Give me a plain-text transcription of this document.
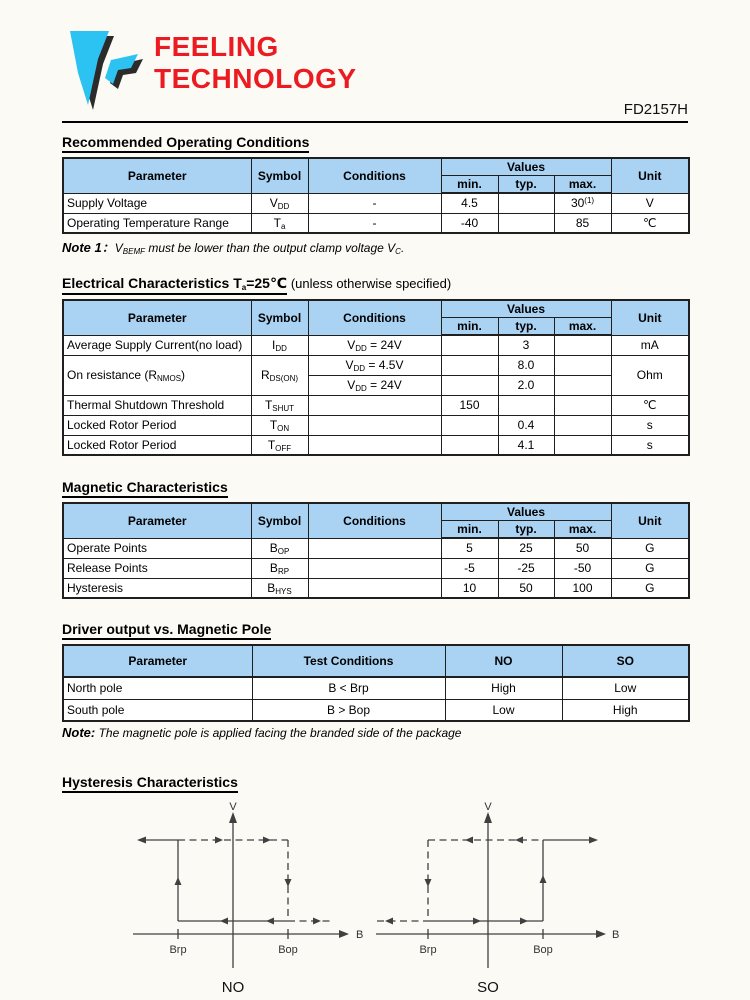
FEELING
TECHNOLOGY
FD2157H
Recommended Operating Conditions
Parameter	Symbol	Conditions	Values			Unit
			min.	typ.	max.	
Supply Voltage	$V_{DD}$	-	4.5		30$^{(1)}$	V
Operating Temperature Range	$T_a$	-	-40		85	℃

Note 1：$V_{BEMF}$ must be lower than the output clamp voltage $V_C$.

Electrical Characteristics $T_a=25℃$ (unless otherwise specified)
Parameter	Symbol	Conditions	Values			Unit
			min.	typ.	max.	
Average Supply Current(no load)	$I_{DD}$	$V_{DD} = 24V$		3		mA
On resistance $(R_{NMOS})$	$R_{DS(ON)}$	$V_{DD} = 4.5V$		8.0		Ohm
		$V_{DD} = 24V$		2.0		
Thermal Shutdown Threshold	$T_{SHUT}$		150			℃
Locked Rotor Period	$T_{ON}$			0.4		s
Locked Rotor Period	$T_{OFF}$			4.1		s
Magnetic Characteristics
Parameter	Symbol	Conditions	Values			Unit
			min.	typ.	max.	
Operate Points	$B_{OP}$		5	25	50	G
Release Points	$B_{RP}$		-5	-25	-50	G
Hysteresis	$B_{HYS}$		10	50	100	G
Driver output vs. Magnetic Pole
Parameter	Test Conditions	NO	SO
North pole	B < Brp	High	Low
South pole	B > Bop	Low	High

Note: The magnetic pole is applied facing the branded side of the package

Hysteresis Characteristics
V
B
Brp	Bop
NO
V
B
Brp	Bop
SO
